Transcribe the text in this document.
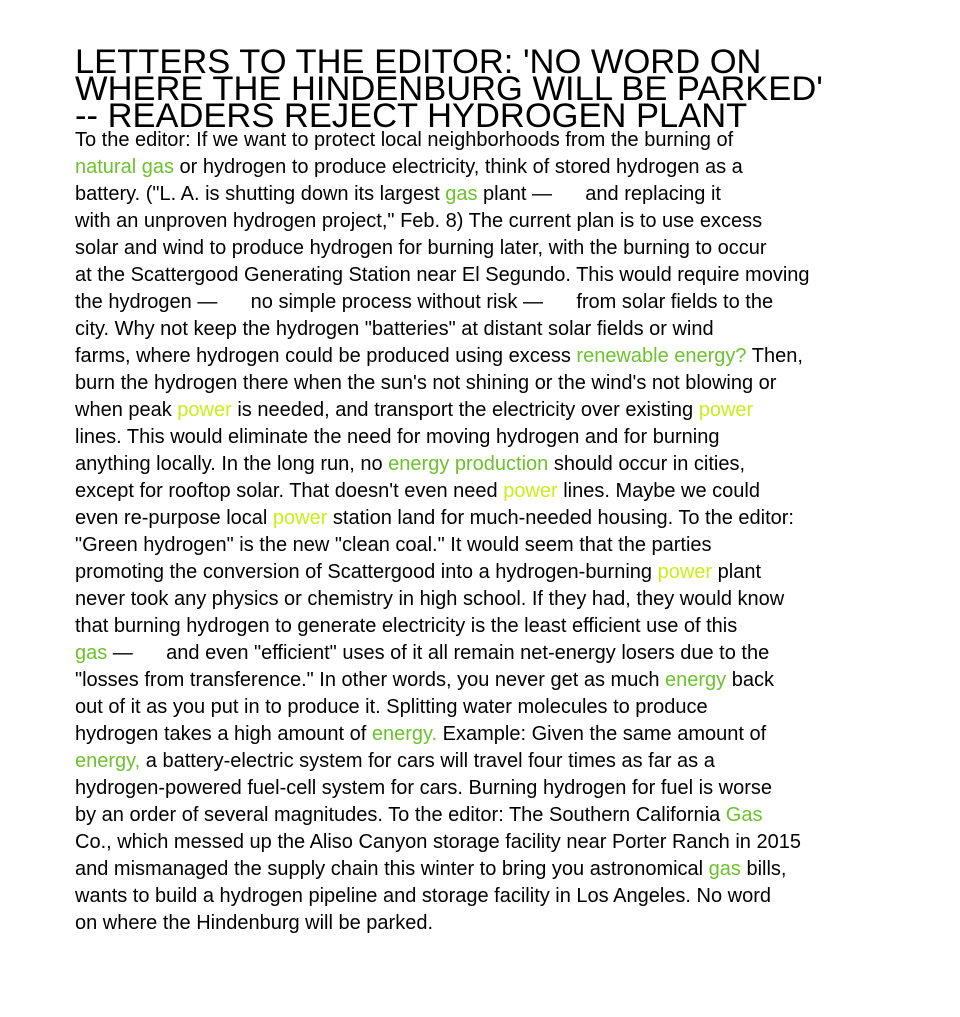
LETTERS TO THE EDITOR: 'NO WORD ON
WHERE THE HINDENBURG WILL BE PARKED'
-- READERS REJECT HYDROGEN PLANT
To the editor: If we want to protect local neighborhoods from the burning of
natural gas or hydrogen to produce electricity, think of stored hydrogen as a
battery. ("L. A. is shutting down its largest gas plant —      and replacing it
with an unproven hydrogen project," Feb. 8) The current plan is to use excess
solar and wind to produce hydrogen for burning later, with the burning to occur
at the Scattergood Generating Station near El Segundo. This would require moving
the hydrogen —      no simple process without risk —      from solar fields to the
city. Why not keep the hydrogen "batteries" at distant solar fields or wind
farms, where hydrogen could be produced using excess renewable energy? Then,
burn the hydrogen there when the sun's not shining or the wind's not blowing or
when peak power is needed, and transport the electricity over existing power
lines. This would eliminate the need for moving hydrogen and for burning
anything locally. In the long run, no energy production should occur in cities,
except for rooftop solar. That doesn't even need power lines. Maybe we could
even re-purpose local power station land for much-needed housing. To the editor:
"Green hydrogen" is the new "clean coal." It would seem that the parties
promoting the conversion of Scattergood into a hydrogen-burning power plant
never took any physics or chemistry in high school. If they had, they would know
that burning hydrogen to generate electricity is the least efficient use of this
gas —      and even "efficient" uses of it all remain net-energy losers due to the
"losses from transference." In other words, you never get as much energy back
out of it as you put in to produce it. Splitting water molecules to produce
hydrogen takes a high amount of energy. Example: Given the same amount of
energy, a battery-electric system for cars will travel four times as far as a
hydrogen-powered fuel-cell system for cars. Burning hydrogen for fuel is worse
by an order of several magnitudes. To the editor: The Southern California Gas
Co., which messed up the Aliso Canyon storage facility near Porter Ranch in 2015
and mismanaged the supply chain this winter to bring you astronomical gas bills,
wants to build a hydrogen pipeline and storage facility in Los Angeles. No word
on where the Hindenburg will be parked.
